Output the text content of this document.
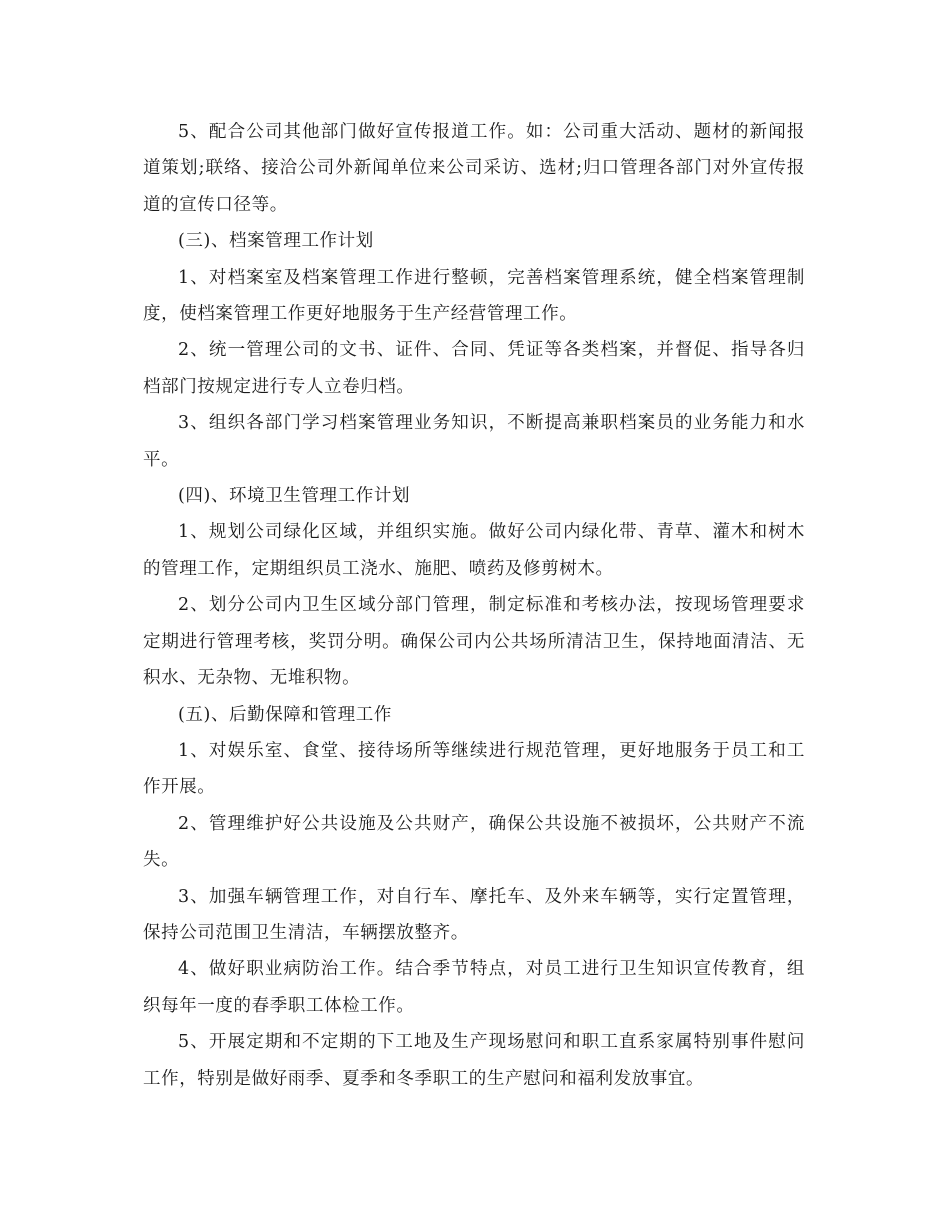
5、配合公司其他部门做好宣传报道工作。如：公司重大活动、题材的新闻报道策划;联络、接洽公司外新闻单位来公司采访、选材;归口管理各部门对外宣传报道的宣传口径等。

(三)、档案管理工作计划

1、对档案室及档案管理工作进行整顿，完善档案管理系统，健全档案管理制度，使档案管理工作更好地服务于生产经营管理工作。

2、统一管理公司的文书、证件、合同、凭证等各类档案，并督促、指导各归档部门按规定进行专人立卷归档。

3、组织各部门学习档案管理业务知识，不断提高兼职档案员的业务能力和水平。

(四)、环境卫生管理工作计划

1、规划公司绿化区域，并组织实施。做好公司内绿化带、青草、灌木和树木的管理工作，定期组织员工浇水、施肥、喷药及修剪树木。

2、划分公司内卫生区域分部门管理，制定标准和考核办法，按现场管理要求定期进行管理考核，奖罚分明。确保公司内公共场所清洁卫生，保持地面清洁、无积水、无杂物、无堆积物。

(五)、后勤保障和管理工作

1、对娱乐室、食堂、接待场所等继续进行规范管理，更好地服务于员工和工作开展。

2、管理维护好公共设施及公共财产，确保公共设施不被损坏，公共财产不流失。

3、加强车辆管理工作，对自行车、摩托车、及外来车辆等，实行定置管理，保持公司范围卫生清洁，车辆摆放整齐。

4、做好职业病防治工作。结合季节特点，对员工进行卫生知识宣传教育，组织每年一度的春季职工体检工作。

5、开展定期和不定期的下工地及生产现场慰问和职工直系家属特别事件慰问工作，特别是做好雨季、夏季和冬季职工的生产慰问和福利发放事宜。
